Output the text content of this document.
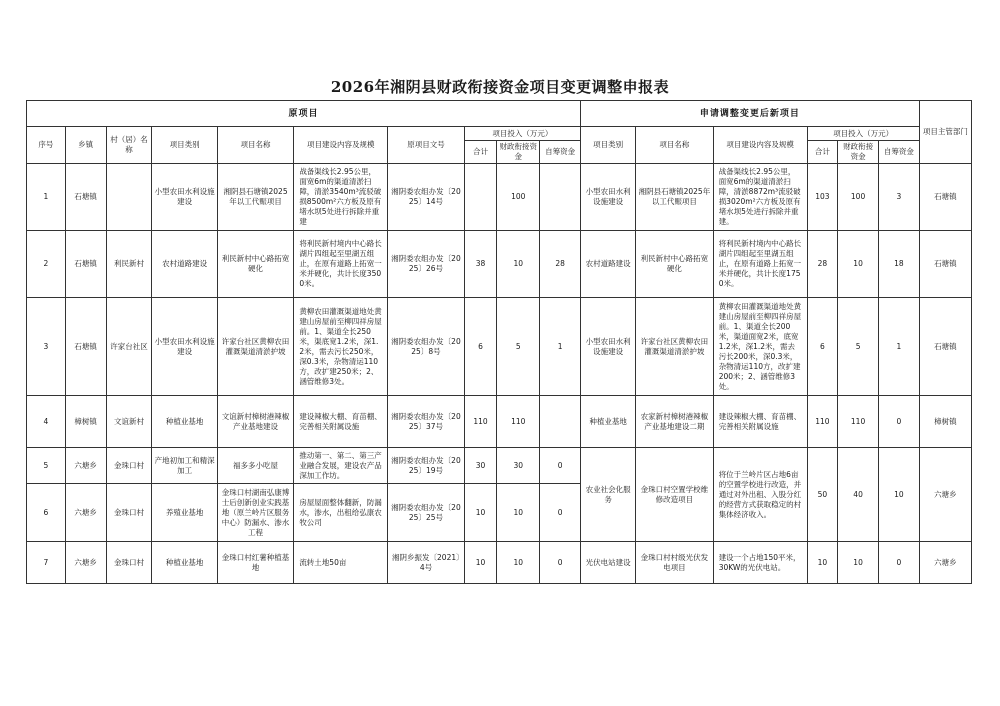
2026年湘阴县财政衔接资金项目变更调整申报表
原项目										申请调整变更后新项目						项目主管部门
序号	乡镇	村（居）名称	项目类别	项目名称	项目建设内容及规模	原项目文号	项目投入（万元）			项目类别	项目名称	项目建设内容及规模	项目投入（万元）			
							合计	财政衔接资金	自筹资金				合计	财政衔接资金	自筹资金	
1	石塘镇		小型农田水利设施建设	湘阴县石塘镇2025年以工代赈项目	战备渠线长2.95公里，面宽6m的渠道清淤扫障，清淤3540m³流驳破损8500m²六方板及原有堵水坝5处进行拆除并重建	湘阴委农组办发〔2025〕14号		100		小型农田水利设施建设	湘阴县石塘镇2025年以工代赈项目	战备渠线长2.95公里，面宽6m的渠道清淤扫障，清淤8872m³流驳破损3020m²六方板及原有堵水坝5处进行拆除并重建。	103	100	3	石塘镇
2	石塘镇	利民新村	农村道路建设	利民新村中心路拓宽硬化	将利民新村境内中心路长湖片四组起至里湖五组止，在原有道路上拓宽一米并硬化，共计长度3500米。	湘阴委农组办发〔2025〕26号	38	10	28	农村道路建设	利民新村中心路拓宽硬化	将利民新村境内中心路长湖片四组起至里湖五组止，在原有道路上拓宽一米并硬化，共计长度1750米。	28	10	18	石塘镇
3	石塘镇	许家台社区	小型农田水利设施建设	许家台社区黄柳农田灌溉渠道清淤护坡	黄柳农田灌溉渠道地处黄建山房屋前至柳四祥房屋前。1、渠道全长250米，渠底宽1.2米，深1.2米，需去污长250米，深0.3米，杂物清运110方，改扩建250米；2、涵管维修3处。	湘阴委农组办发〔2025〕8号	6	5	1	小型农田水利设施建设	许家台社区黄柳农田灌溉渠道清淤护坡	黄柳农田灌溉渠道地处黄建山房屋前至柳四祥房屋前。1、渠道全长200米，渠道面宽2米，底宽1.2米，深1.2米，需去污长200米，深0.3米，杂物清运110方，改扩建200米；2、涵管维修3处。	6	5	1	石塘镇
4	樟树镇	文谊新村	种植业基地	文谊新村樟树港辣椒产业基地建设	建设辣椒大棚、育苗棚、完善相关附属设施	湘阴委农组办发〔2025〕37号	110	110		种植业基地	农家新村樟树港辣椒产业基地建设二期	建设辣椒大棚、育苗棚、完善相关附属设施	110	110	0	樟树镇
5	六塘乡	金珠口村	产地初加工和精深加工	福多多小吃屋	推动第一、第二、第三产业融合发展，建设农产品深加工作坊。	湘阴委农组办发〔2025〕19号	30	30	0	农业社会化服务	金珠口村空置学校维修改造项目	将位于兰岭片区占地6亩的空置学校进行改造，并通过对外出租、入股分红的经营方式获取稳定的村集体经济收入。	50	40	10	六塘乡
6	六塘乡	金珠口村	养殖业基地	金珠口村湖南弘康博士后创新创业实践基地（原兰岭片区服务中心）防漏水、渗水工程	房屋屋面整体翻新，防漏水，渗水，出租给弘康农牧公司	湘阴委农组办发〔2025〕25号	10	10	0							
7	六塘乡	金珠口村	种植业基地	金珠口村红薯种植基地	流转土地50亩	湘阴乡振发〔2021〕4号	10	10	0	光伏电站建设	金珠口村村级光伏发电项目	建设一个占地150平米，30KW的光伏电站。	10	10	0	六塘乡
